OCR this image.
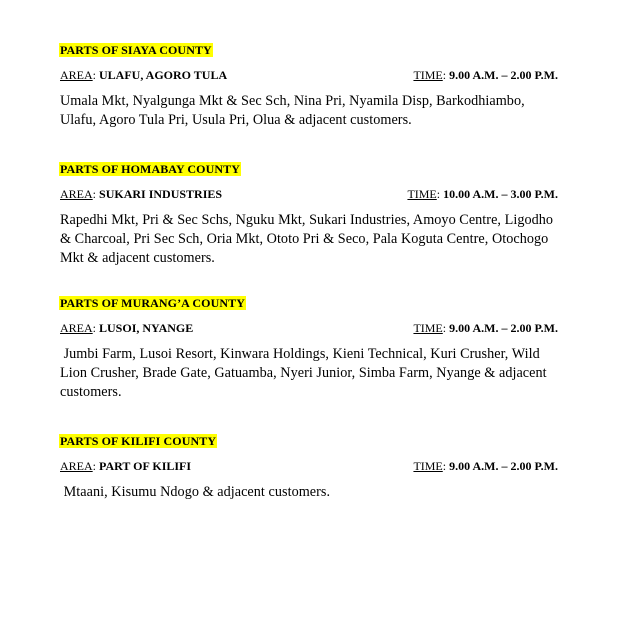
PARTS OF SIAYA COUNTY
AREA: ULAFU, AGORO TULA	TIME: 9.00 A.M. – 2.00 P.M.
Umala Mkt, Nyalgunga Mkt & Sec Sch, Nina Pri, Nyamila Disp, Barkodhiambo, Ulafu, Agoro Tula Pri, Usula Pri, Olua & adjacent customers.
PARTS OF HOMABAY COUNTY
AREA: SUKARI INDUSTRIES	TIME: 10.00 A.M. – 3.00 P.M.
Rapedhi Mkt, Pri & Sec Schs, Nguku Mkt, Sukari Industries, Amoyo Centre, Ligodho & Charcoal, Pri Sec Sch, Oria Mkt, Ototo Pri & Seco, Pala Koguta Centre, Otochogo Mkt & adjacent customers.
PARTS OF MURANG’A COUNTY
AREA: LUSOI, NYANGE	TIME: 9.00 A.M. – 2.00 P.M.
Jumbi Farm, Lusoi Resort, Kinwara Holdings, Kieni Technical, Kuri Crusher, Wild Lion Crusher, Brade Gate, Gatuamba, Nyeri Junior, Simba Farm, Nyange & adjacent customers.
PARTS OF KILIFI COUNTY
AREA: PART OF KILIFI	TIME: 9.00 A.M. – 2.00 P.M.
Mtaani, Kisumu Ndogo & adjacent customers.
